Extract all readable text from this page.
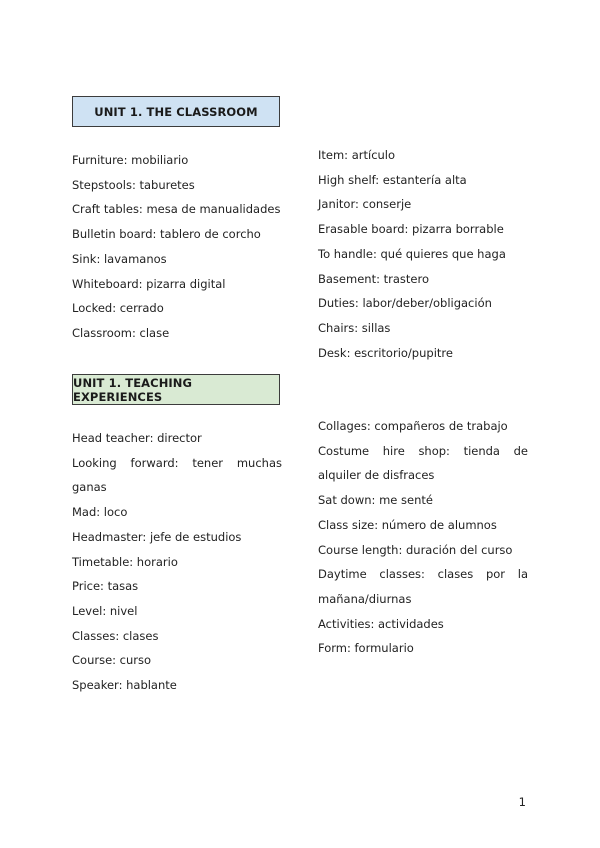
UNIT 1. THE CLASSROOM
Furniture: mobiliario
Stepstools: taburetes
Craft tables: mesa de manualidades
Bulletin board: tablero de corcho
Sink: lavamanos
Whiteboard: pizarra digital
Locked: cerrado
Classroom: clase
Item: artículo
High shelf: estantería alta
Janitor: conserje
Erasable board: pizarra borrable
To handle: qué quieres que haga
Basement: trastero
Duties: labor/deber/obligación
Chairs: sillas
Desk: escritorio/pupitre
UNIT 1. TEACHING EXPERIENCES
Head teacher: director
Looking forward: tener muchas ganas
Mad: loco
Headmaster: jefe de estudios
Timetable: horario
Price: tasas
Level: nivel
Classes: clases
Course: curso
Speaker: hablante
Collages: compañeros de trabajo
Costume hire shop: tienda de alquiler de disfraces
Sat down: me senté
Class size: número de alumnos
Course length: duración del curso
Daytime classes: clases por la mañana/diurnas
Activities: actividades
Form: formulario
1
